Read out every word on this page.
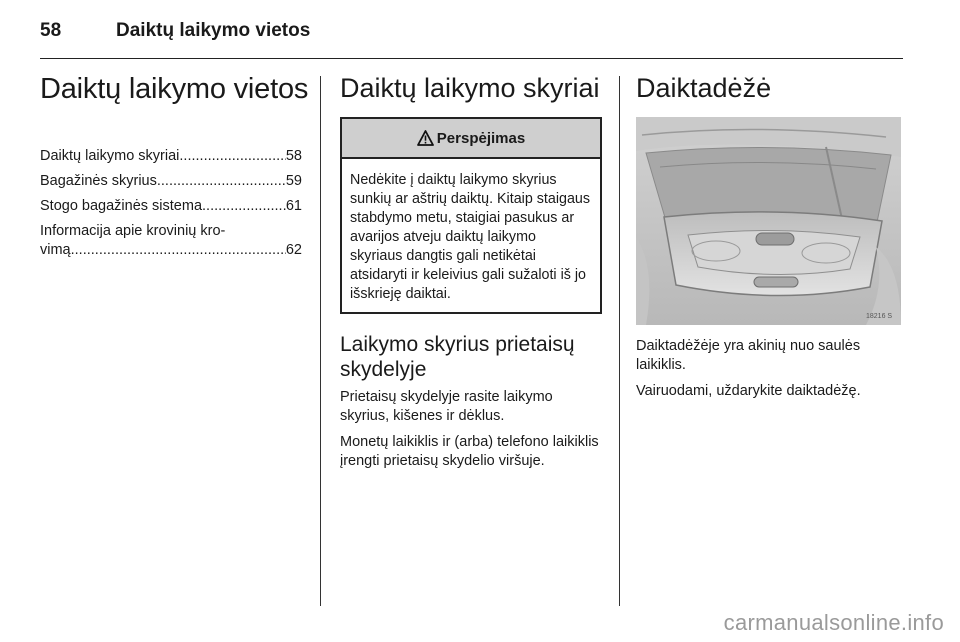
58	Daiktų laikymo vietos
Daiktų laikymo vietos
Daiktų laikymo skyriai .....	58
Bagažinės skyrius .....	59
Stogo bagažinės sistema .....	61
Informacija apie krovinių kro-
vimą .....	62
Daiktų laikymo skyriai
Perspėjimas
Nedėkite į daiktų laikymo skyrius sunkių ar aštrių daiktų. Kitaip staigaus stabdymo metu, staigiai pasukus ar avarijos atveju daiktų laikymo skyriaus dangtis gali netikėtai atsidaryti ir keleivius gali sužaloti iš jo išskrieję daiktai.
Laikymo skyrius prietaisų skydelyje

Prietaisų skydelyje rasite laikymo skyrius, kišenes ir dėklus.

Monetų laikiklis ir (arba) telefono laikiklis įrengti prietaisų skydelio viršuje.

Daiktadėžė
18216 S

Daiktadėžėje yra akinių nuo saulės laikiklis.

Vairuodami, uždarykite daiktadėžę.

carmanualsonline.info
